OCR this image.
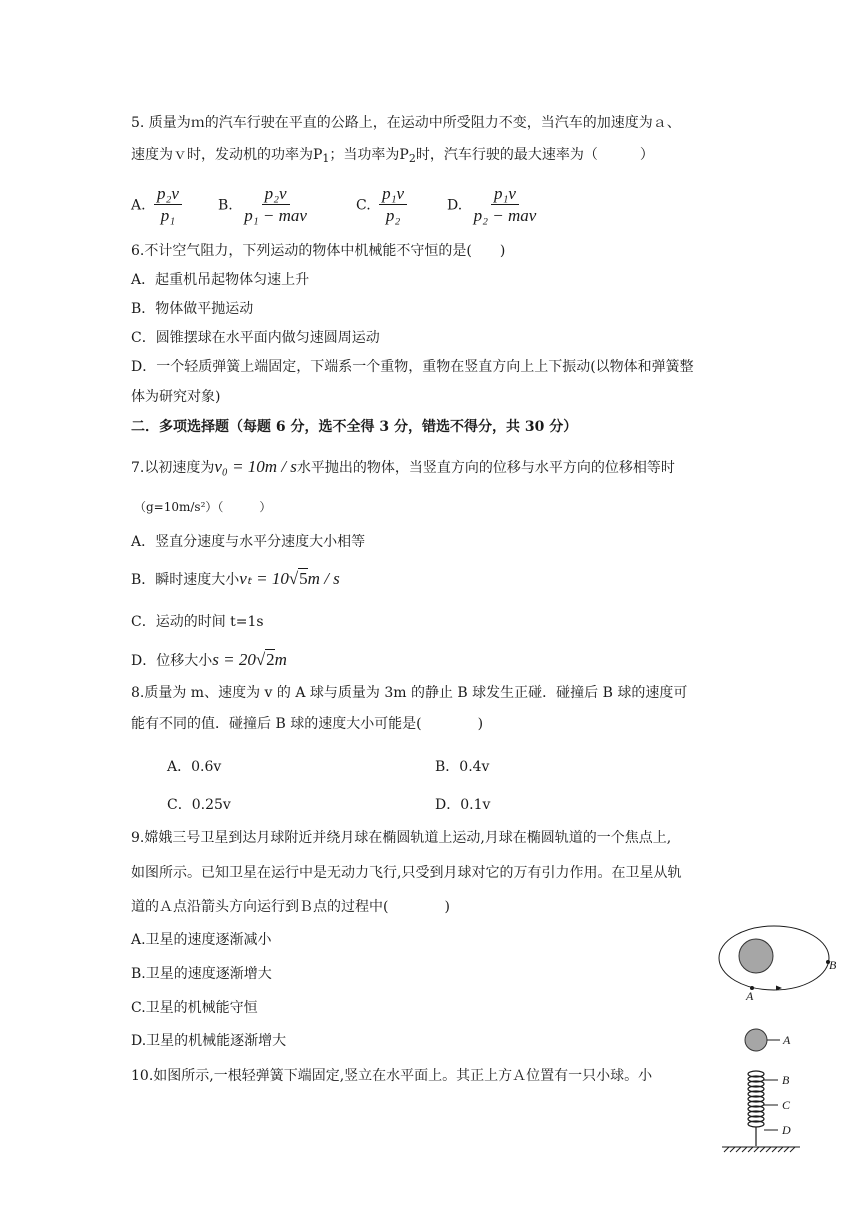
5. 质量为ｍ的汽车行驶在平直的公路上，在运动中所受阻力不变，当汽车的加速度为ａ、
速度为ｖ时，发动机的功率为$P_1$；当功率为$P_2$时，汽车行驶的最大速率为（　　　）
A. $\frac{\text{p₂v}}{\text{p₁}}$	B. $\frac{\text{p₂v}}{\text{p₁ − mav}}$	C. $\frac{\text{p₁v}}{\text{p₂}}$	D. $\frac{\text{p₁v}}{\text{p₂ − mav}}$
6.不计空气阻力，下列运动的物体中机械能不守恒的是(　　)
A．起重机吊起物体匀速上升
B．物体做平抛运动
C．圆锥摆球在水平面内做匀速圆周运动
D．一个轻质弹簧上端固定，下端系一个重物，重物在竖直方向上上下振动(以物体和弹簧整
体为研究对象)
二．多项选择题（每题 6 分，选不全得 3 分，错选不得分，共 30 分）
7.以初速度为v₀ = 10m / s水平抛出的物体，当竖直方向的位移与水平方向的位移相等时
（g=10m/s²）（　　　）
A．竖直分速度与水平分速度大小相等
B．瞬时速度大小vₜ = 10√5m / s
C．运动的时间 t=1s
D．位移大小s = 20√2m
8.质量为 m、速度为 v 的 A 球与质量为 3m 的静止 B 球发生正碰．碰撞后 B 球的速度可
能有不同的值．碰撞后 B 球的速度大小可能是(　　　　)
A．0.6v	B．0.4v
C．0.25v	D．0.1v
9.嫦娥三号卫星到达月球附近并绕月球在椭圆轨道上运动,月球在椭圆轨道的一个焦点上,
如图所示。已知卫星在运行中是无动力飞行,只受到月球对它的万有引力作用。在卫星从轨
道的Ａ点沿箭头方向运行到Ｂ点的过程中(　　　　)
A.卫星的速度逐渐减小
B.卫星的速度逐渐增大
C.卫星的机械能守恒
D.卫星的机械能逐渐增大
A
B
10.如图所示,一根轻弹簧下端固定,竖立在水平面上。其正上方Ａ位置有一只小球。小
A
B
C
D
